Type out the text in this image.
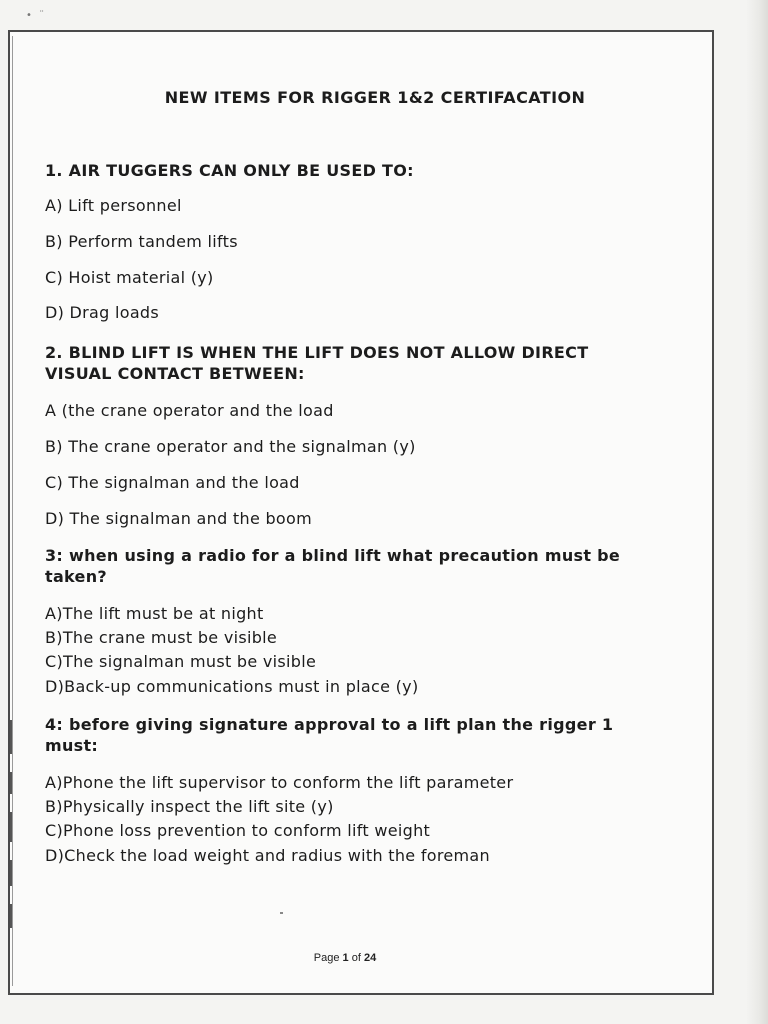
• ¨
NEW ITEMS FOR RIGGER 1&2 CERTIFACATION
1. AIR TUGGERS CAN ONLY BE USED TO:
A) Lift personnel
B) Perform tandem lifts
C) Hoist material (y)
D) Drag loads
2. BLIND LIFT IS WHEN THE LIFT DOES NOT ALLOW DIRECT
VISUAL CONTACT BETWEEN:
A (the crane operator and the load
B) The crane operator and the signalman (y)
C) The signalman and the load
D) The signalman and the boom
3: when using a radio for a blind lift what precaution must be
taken?
A)The lift must be at night
B)The crane must be visible
C)The signalman must be visible
D)Back-up communications must in place (y)
4: before giving signature approval to a lift plan the rigger 1
must:
A)Phone the lift supervisor to conform the lift parameter
B)Physically inspect the lift site (y)
C)Phone loss prevention to conform lift weight
D)Check the load weight and radius with the foreman
Page 1 of 24
